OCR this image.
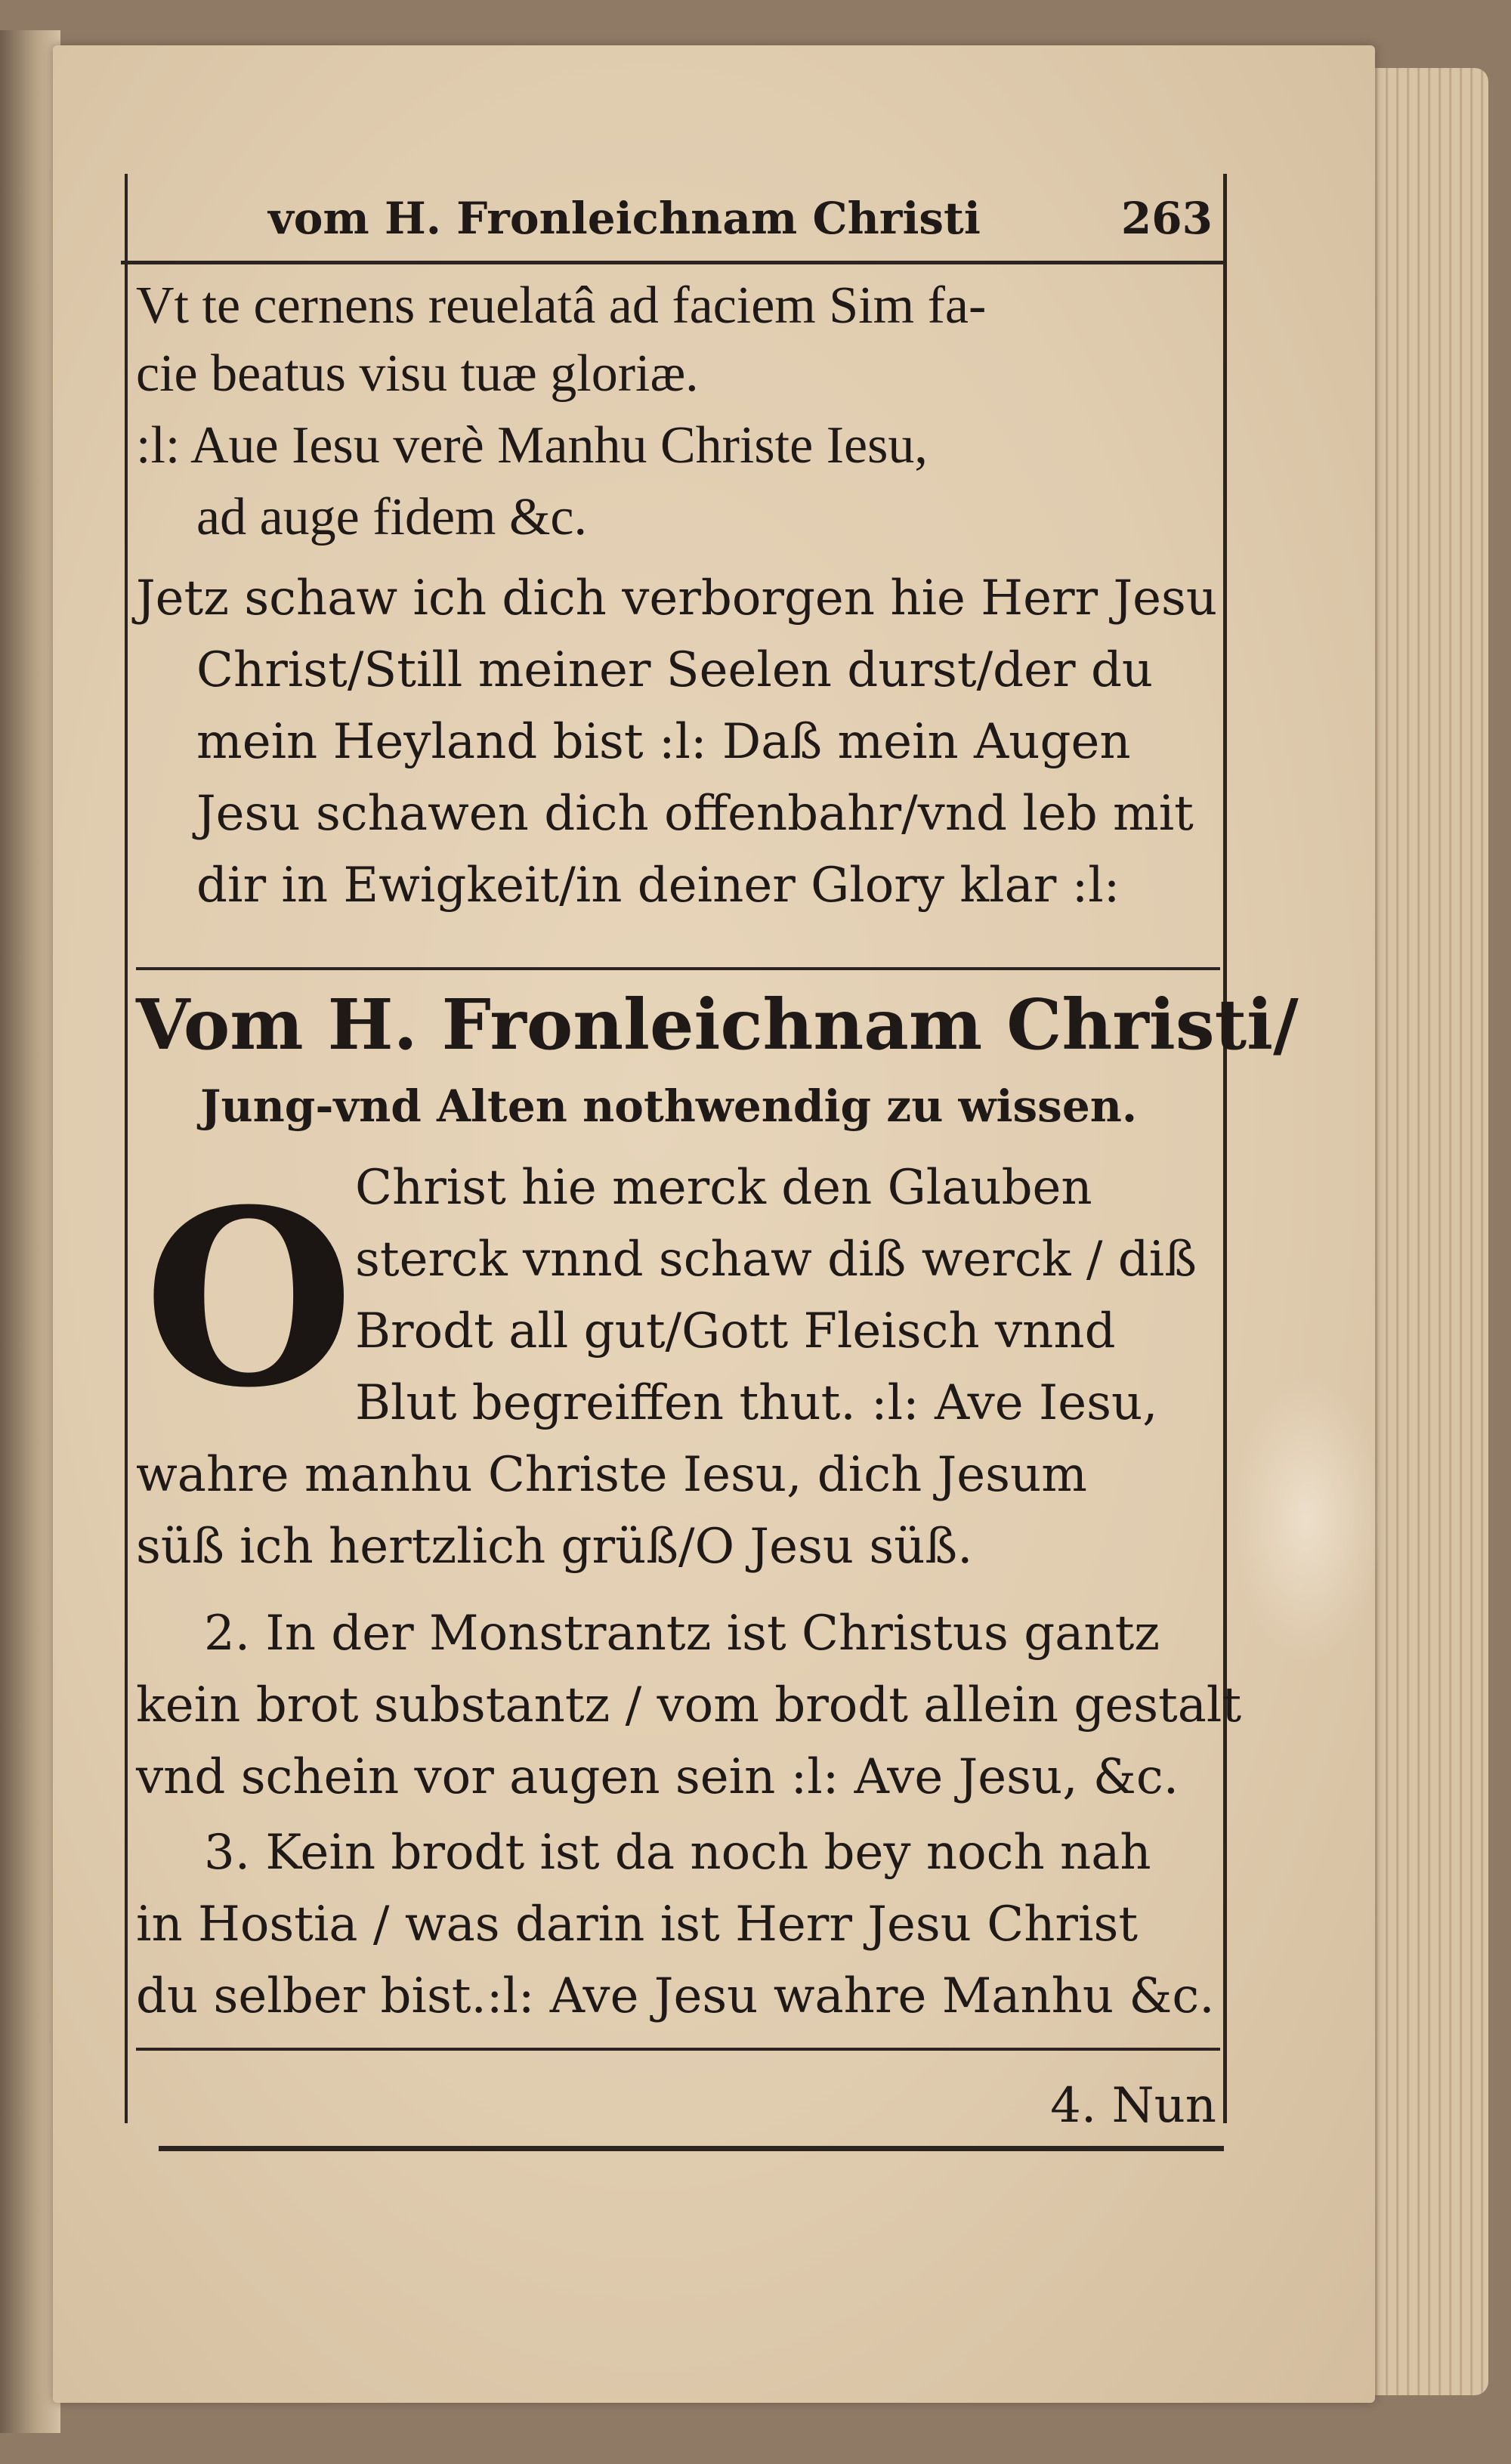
vom H. Fronleichnam Christi	263
Vt te cernens reuelatâ ad faciem Sim fa-
cie beatus visu tuæ gloriæ.
:l: Aue Iesu verè Manhu Christe Iesu,
ad auge fidem &c.
Jetz schaw ich dich verborgen hie Herr Jesu
Christ/Still meiner Seelen durst/der du
mein Heyland bist :l: Daß mein Augen
Jesu schawen dich offenbahr/vnd leb mit
dir in Ewigkeit/in deiner Glory klar :l:
Vom H. Fronleichnam Christi/
Jung-vnd Alten nothwendig zu wissen.
O Christ hie merck den Glauben
sterck vnnd schaw diß werck / diß
Brodt all gut/Gott Fleisch vnnd
Blut begreiffen thut. :l: Ave Iesu,
wahre manhu Christe Iesu, dich Jesum
süß ich hertzlich grüß/O Jesu süß.
2. In der Monstrantz ist Christus gantz
kein brot substantz / vom brodt allein gestalt
vnd schein vor augen sein :l: Ave Jesu, &c.
3. Kein brodt ist da noch bey noch nah
in Hostia / was darin ist Herr Jesu Christ
du selber bist.:l: Ave Jesu wahre Manhu &c.
4. Nun
